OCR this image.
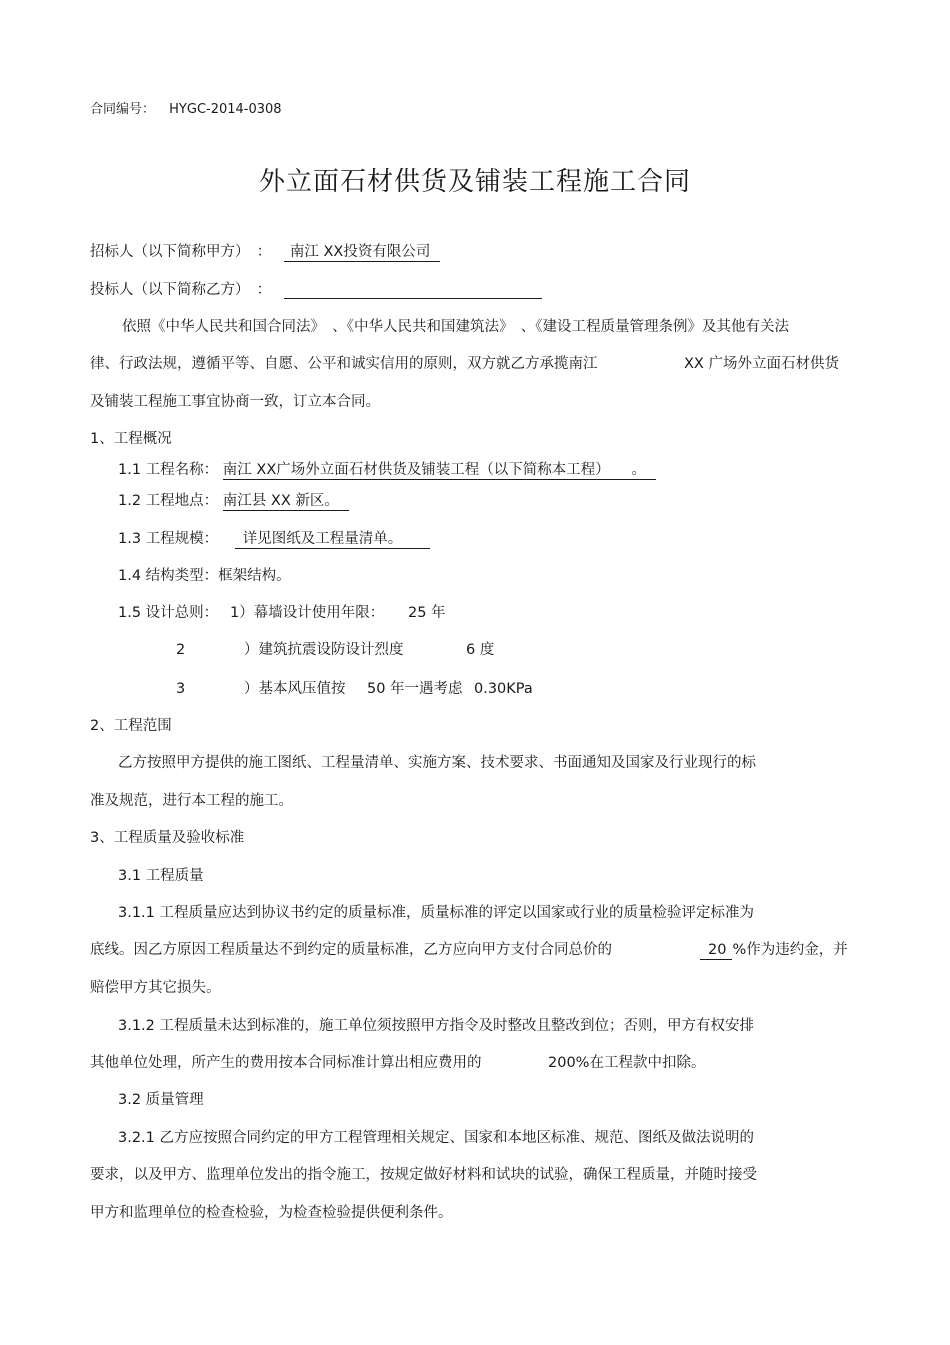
合同编号： HYGC-2014-0308
外立面石材供货及铺装工程施工合同
招标人（以下简称甲方）　： 南江 XX投资有限公司
投标人（以下简称乙方）　：
依照《中华人民共和国合同法》　、《中华人民共和国建筑法》　、《建设工程质量管理条例》及其他有关法
律、行政法规，遵循平等、自愿、公平和诚实信用的原则，双方就乙方承揽南江	XX 广场外立面石材供货
及铺装工程施工事宜协商一致，订立本合同。
1、工程概况
1.1 工程名称： 南江 XX广场外立面石材供货及铺装工程（以下简称本工程）　　。
1.2 工程地点： 南江县 XX 新区。
1.3 工程规模： 详见图纸及工程量清单。
1.4 结构类型：框架结构。
1.5 设计总则： 1）幕墙设计使用年限： 25 年
2	）建筑抗震设防设计烈度	6 度
3	）基本风压值按 50 年一遇考虑 0.30KPa
2、工程范围
乙方按照甲方提供的施工图纸、工程量清单、实施方案、技术要求、书面通知及国家及行业现行的标
准及规范，进行本工程的施工。
3、工程质量及验收标准
3.1 工程质量
3.1.1 工程质量应达到协议书约定的质量标准，质量标准的评定以国家或行业的质量检验评定标准为
底线。因乙方原因工程质量达不到约定的质量标准，乙方应向甲方支付合同总价的	20 %作为违约金，并
赔偿甲方其它损失。
3.1.2 工程质量未达到标准的，施工单位须按照甲方指令及时整改且整改到位；否则，甲方有权安排
其他单位处理，所产生的费用按本合同标准计算出相应费用的	200%在工程款中扣除。
3.2 质量管理
3.2.1 乙方应按照合同约定的甲方工程管理相关规定、国家和本地区标准、规范、图纸及做法说明的
要求，以及甲方、监理单位发出的指令施工，按规定做好材料和试块的试验，确保工程质量，并随时接受
甲方和监理单位的检查检验，为检查检验提供便利条件。
